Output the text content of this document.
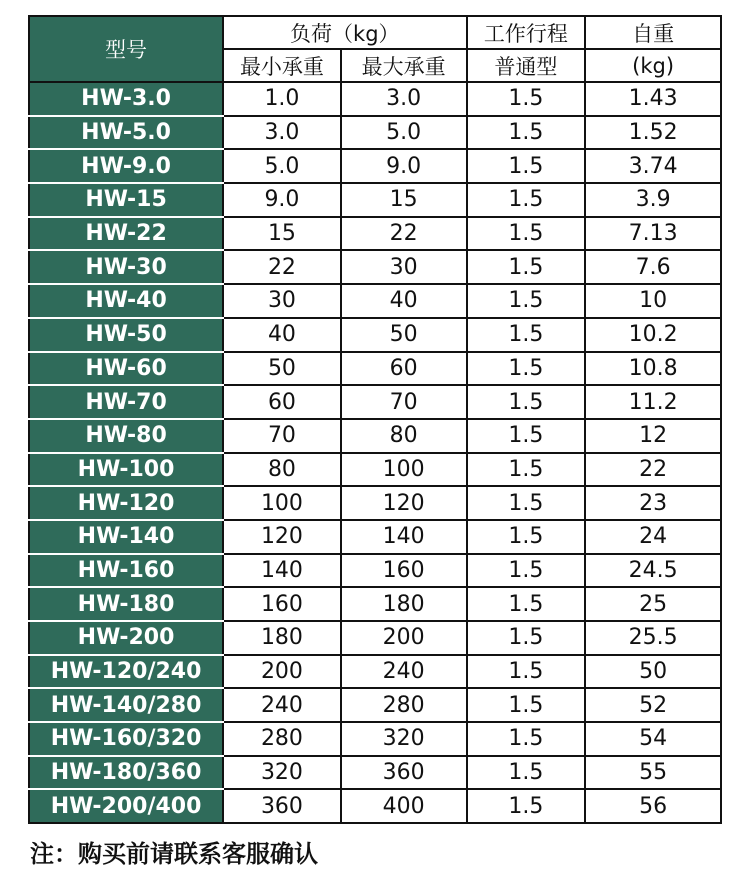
型号	负荷（kg）		工作行程	自重
	最小承重	最大承重	普通型	(kg)
HW-3.0	1.0	3.0	1.5	1.43
HW-5.0	3.0	5.0	1.5	1.52
HW-9.0	5.0	9.0	1.5	3.74
HW-15	9.0	15	1.5	3.9
HW-22	15	22	1.5	7.13
HW-30	22	30	1.5	7.6
HW-40	30	40	1.5	10
HW-50	40	50	1.5	10.2
HW-60	50	60	1.5	10.8
HW-70	60	70	1.5	11.2
HW-80	70	80	1.5	12
HW-100	80	100	1.5	22
HW-120	100	120	1.5	23
HW-140	120	140	1.5	24
HW-160	140	160	1.5	24.5
HW-180	160	180	1.5	25
HW-200	180	200	1.5	25.5
HW-120/240	200	240	1.5	50
HW-140/280	240	280	1.5	52
HW-160/320	280	320	1.5	54
HW-180/360	320	360	1.5	55
HW-200/400	360	400	1.5	56
注：购买前请联系客服确认
